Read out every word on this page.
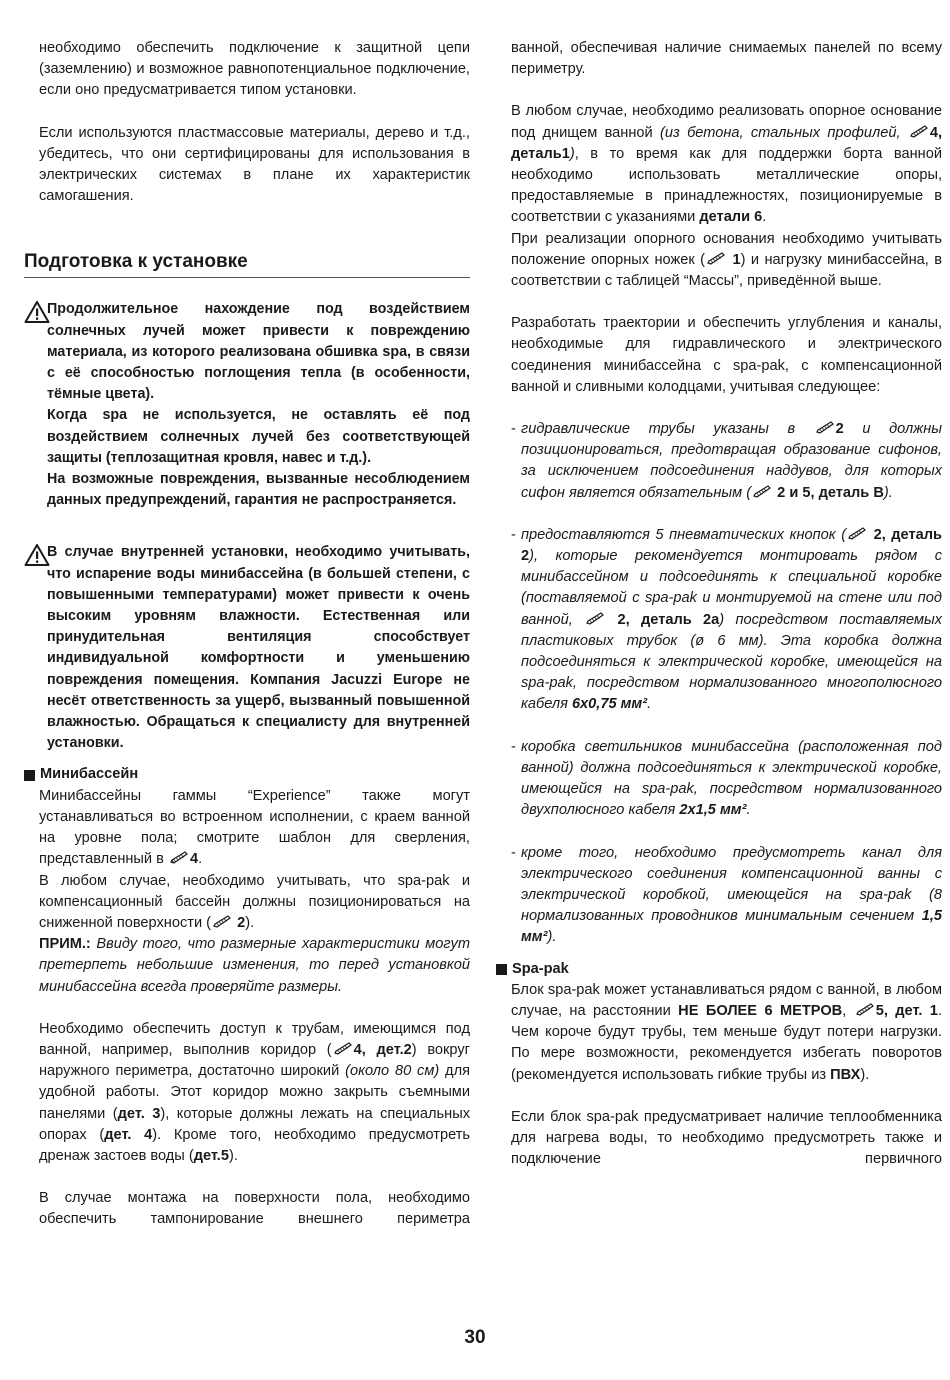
необходимо обеспечить подключение к защитной цепи (заземлению) и возможное равнопотенциальное подключение, если оно предусматривается типом установки.

Если используются пластмассовые материалы, дерево и т.д., убедитесь, что они сертифицированы для использования в электрических системах в плане их характеристик самогашения.

Подготовка к установке

Продолжительное нахождение под воздействием солнечных лучей может привести к повреждению материала, из которого реализована обшивка spa, в связи с её способностью поглощения тепла (в особенности, тёмные цвета).

Когда spa не используется, не оставлять её под воздействием солнечных лучей без соответствующей защиты (теплозащитная кровля, навес и т.д.).

На возможные повреждения, вызванные несоблюдением данных предупреждений, гарантия не распространяется.

В случае внутренней установки, необходимо учитывать, что испарение воды минибассейна (в большей степени, с повышенными температурами) может привести к очень высоким уровням влажности. Естественная или принудительная вентиляция способствует индивидуальной комфортности и уменьшению повреждения помещения. Компания Jacuzzi Europe не несёт ответственность за ущерб, вызванный повышенной влажностью. Обращаться к специалисту для внутренней установки.

Минибассейн

Минибассейны гаммы “Experience” также могут устанавливаться во встроенном исполнении, с краем ванной на уровне пола; смотрите шаблон для сверления, представленный в 4.

В любом случае, необходимо учитывать, что spa-pak и компенсационный бассейн должны позиционироваться на сниженной поверхности ( 2).

ПРИМ.: Ввиду того, что размерные характеристики могут претерпеть небольшие изменения, то перед установкой минибассейна всегда проверяйте размеры.

Необходимо обеспечить доступ к трубам, имеющимся под ванной, например, выполнив коридор ( 4, дет.2) вокруг наружного периметра, достаточно широкий (около 80 см) для удобной работы. Этот коридор можно закрыть съемными панелями (дет. 3), которые должны лежать на специальных опорах (дет. 4). Кроме того, необходимо предусмотреть дренаж застоев воды (дет.5).

В случае монтажа на поверхности пола, необходимо обеспечить тампонирование внешнего периметра

ванной, обеспечивая наличие снимаемых панелей по всему периметру.

В любом случае, необходимо реализовать опорное основание под днищем ванной (из бетона, стальных профилей, 4, деталь1), в то время как для поддержки борта ванной необходимо использовать металлические опоры, предоставляемые в принадлежностях, позиционируемые в соответствии с указаниями детали 6.

При реализации опорного основания необходимо учитывать положение опорных ножек ( 1) и нагрузку минибассейна, в соответствии с таблицей “Массы”, приведённой выше.

Разработать траектории и обеспечить углубления и каналы, необходимые для гидравлического и электрического соединения минибассейна с spa-pak, с компенсационной ванной и сливными колодцами, учитывая следующее:

- гидравлические трубы указаны в 2 и должны позиционироваться, предотвращая образование сифонов, за исключением подсоединения наддувов, для которых сифон является обязательным ( 2 и 5, деталь B).
- предоставляются 5 пневматических кнопок ( 2, деталь 2), которые рекомендуется монтировать рядом с минибассейном и подсоединять к специальной коробке (поставляемой с spa-pak и монтируемой на стене или под ванной,  2, деталь 2a) посредством поставляемых пластиковых трубок (ø 6 мм). Эта коробка должна подсоединяться к электрической коробке, имеющейся на spa-pak, посредством нормализованного многополюсного кабеля 6x0,75 мм².
- коробка светильников минибассейна (расположенная под ванной) должна подсоединяться к электрической коробке, имеющейся на spa-pak, посредством нормализованного двухполюсного кабеля 2x1,5 мм².
- кроме того, необходимо предусмотреть канал для электрического соединения компенсационной ванны с электрической коробкой, имеющейся на spa-pak (8 нормализованных проводников минимальным сечением 1,5 мм²).
Spa-pak

Блок spa-pak может устанавливаться рядом с ванной, в любом случае, на расстоянии НЕ БОЛЕЕ 6 МЕТРОВ, 5, дет. 1. Чем короче будут трубы, тем меньше будут потери нагрузки. По мере возможности, рекомендуется избегать поворотов (рекомендуется использовать гибкие трубы из ПВХ).

Если блок spa-pak предусматривает наличие теплообменника для нагрева воды, то необходимо предусмотреть также и подключение первичного

30
